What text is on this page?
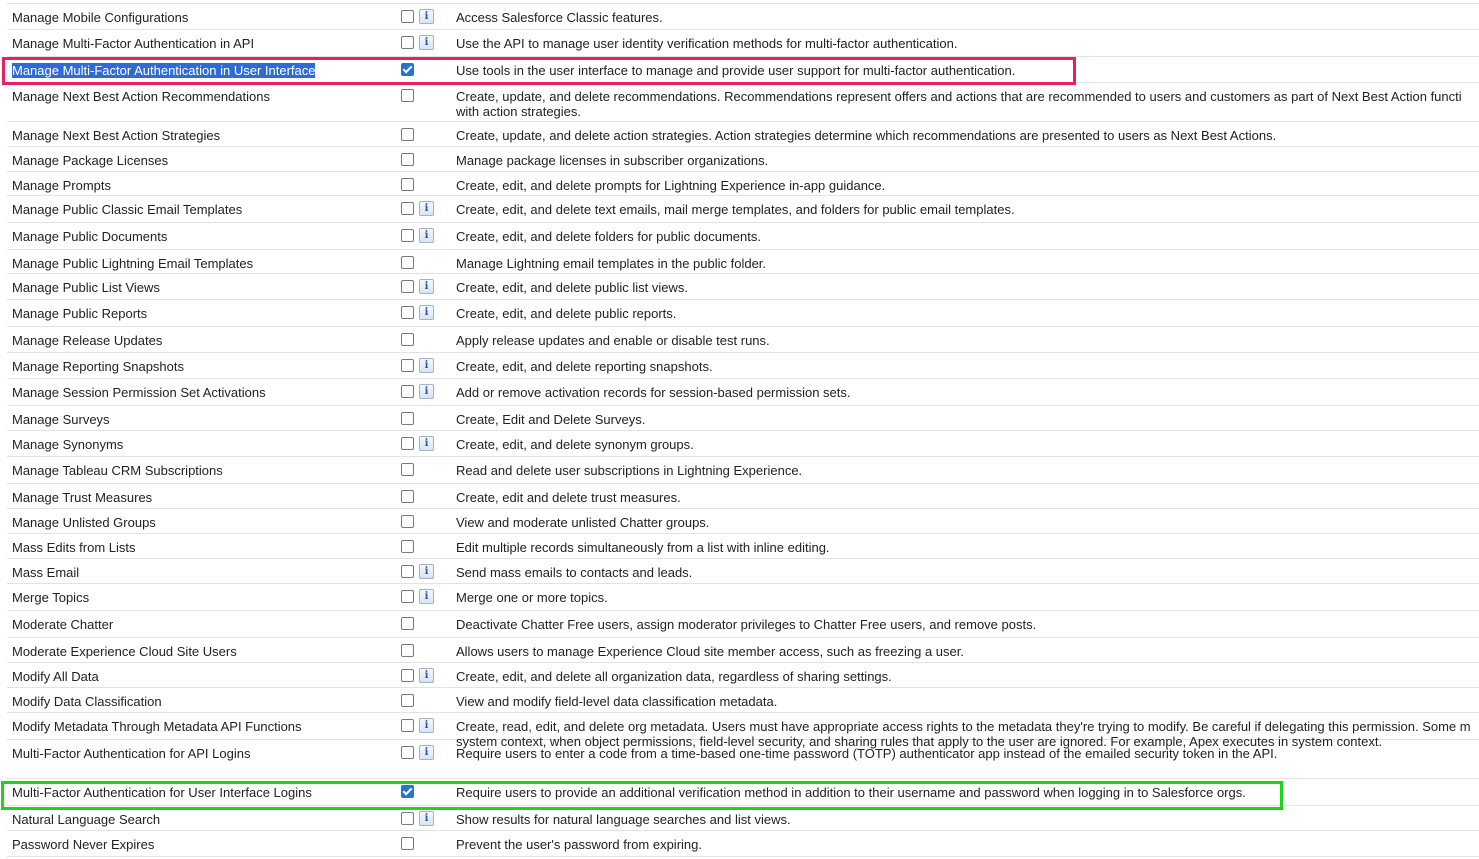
Manage Mobile Configurations	i	Access Salesforce Classic features.
Manage Multi-Factor Authentication in API	i	Use the API to manage user identity verification methods for multi-factor authentication.
Manage Multi-Factor Authentication in User Interface	Use tools in the user interface to manage and provide user support for multi-factor authentication.
Manage Next Best Action Recommendations	Create, update, and delete recommendations. Recommendations represent offers and actions that are recommended to users and customers as part of Next Best Action functi
with action strategies.
Manage Next Best Action Strategies	Create, update, and delete action strategies. Action strategies determine which recommendations are presented to users as Next Best Actions.
Manage Package Licenses	Manage package licenses in subscriber organizations.
Manage Prompts	Create, edit, and delete prompts for Lightning Experience in-app guidance.
Manage Public Classic Email Templates	i	Create, edit, and delete text emails, mail merge templates, and folders for public email templates.
Manage Public Documents	i	Create, edit, and delete folders for public documents.
Manage Public Lightning Email Templates	Manage Lightning email templates in the public folder.
Manage Public List Views	i	Create, edit, and delete public list views.
Manage Public Reports	i	Create, edit, and delete public reports.
Manage Release Updates	Apply release updates and enable or disable test runs.
Manage Reporting Snapshots	i	Create, edit, and delete reporting snapshots.
Manage Session Permission Set Activations	i	Add or remove activation records for session-based permission sets.
Manage Surveys	Create, Edit and Delete Surveys.
Manage Synonyms	i	Create, edit, and delete synonym groups.
Manage Tableau CRM Subscriptions	Read and delete user subscriptions in Lightning Experience.
Manage Trust Measures	Create, edit and delete trust measures.
Manage Unlisted Groups	View and moderate unlisted Chatter groups.
Mass Edits from Lists	Edit multiple records simultaneously from a list with inline editing.
Mass Email	i	Send mass emails to contacts and leads.
Merge Topics	i	Merge one or more topics.
Moderate Chatter	Deactivate Chatter Free users, assign moderator privileges to Chatter Free users, and remove posts.
Moderate Experience Cloud Site Users	Allows users to manage Experience Cloud site member access, such as freezing a user.
Modify All Data	i	Create, edit, and delete all organization data, regardless of sharing settings.
Modify Data Classification	View and modify field-level data classification metadata.
Modify Metadata Through Metadata API Functions	i	Create, read, edit, and delete org metadata. Users must have appropriate access rights to the metadata they're trying to modify. Be careful if delegating this permission. Some m
system context, when object permissions, field-level security, and sharing rules that apply to the user are ignored. For example, Apex executes in system context.
Multi-Factor Authentication for API Logins	i	Require users to enter a code from a time-based one-time password (TOTP) authenticator app instead of the emailed security token in the API.
Multi-Factor Authentication for User Interface Logins	Require users to provide an additional verification method in addition to their username and password when logging in to Salesforce orgs.
Natural Language Search	i	Show results for natural language searches and list views.
Password Never Expires	Prevent the user's password from expiring.
